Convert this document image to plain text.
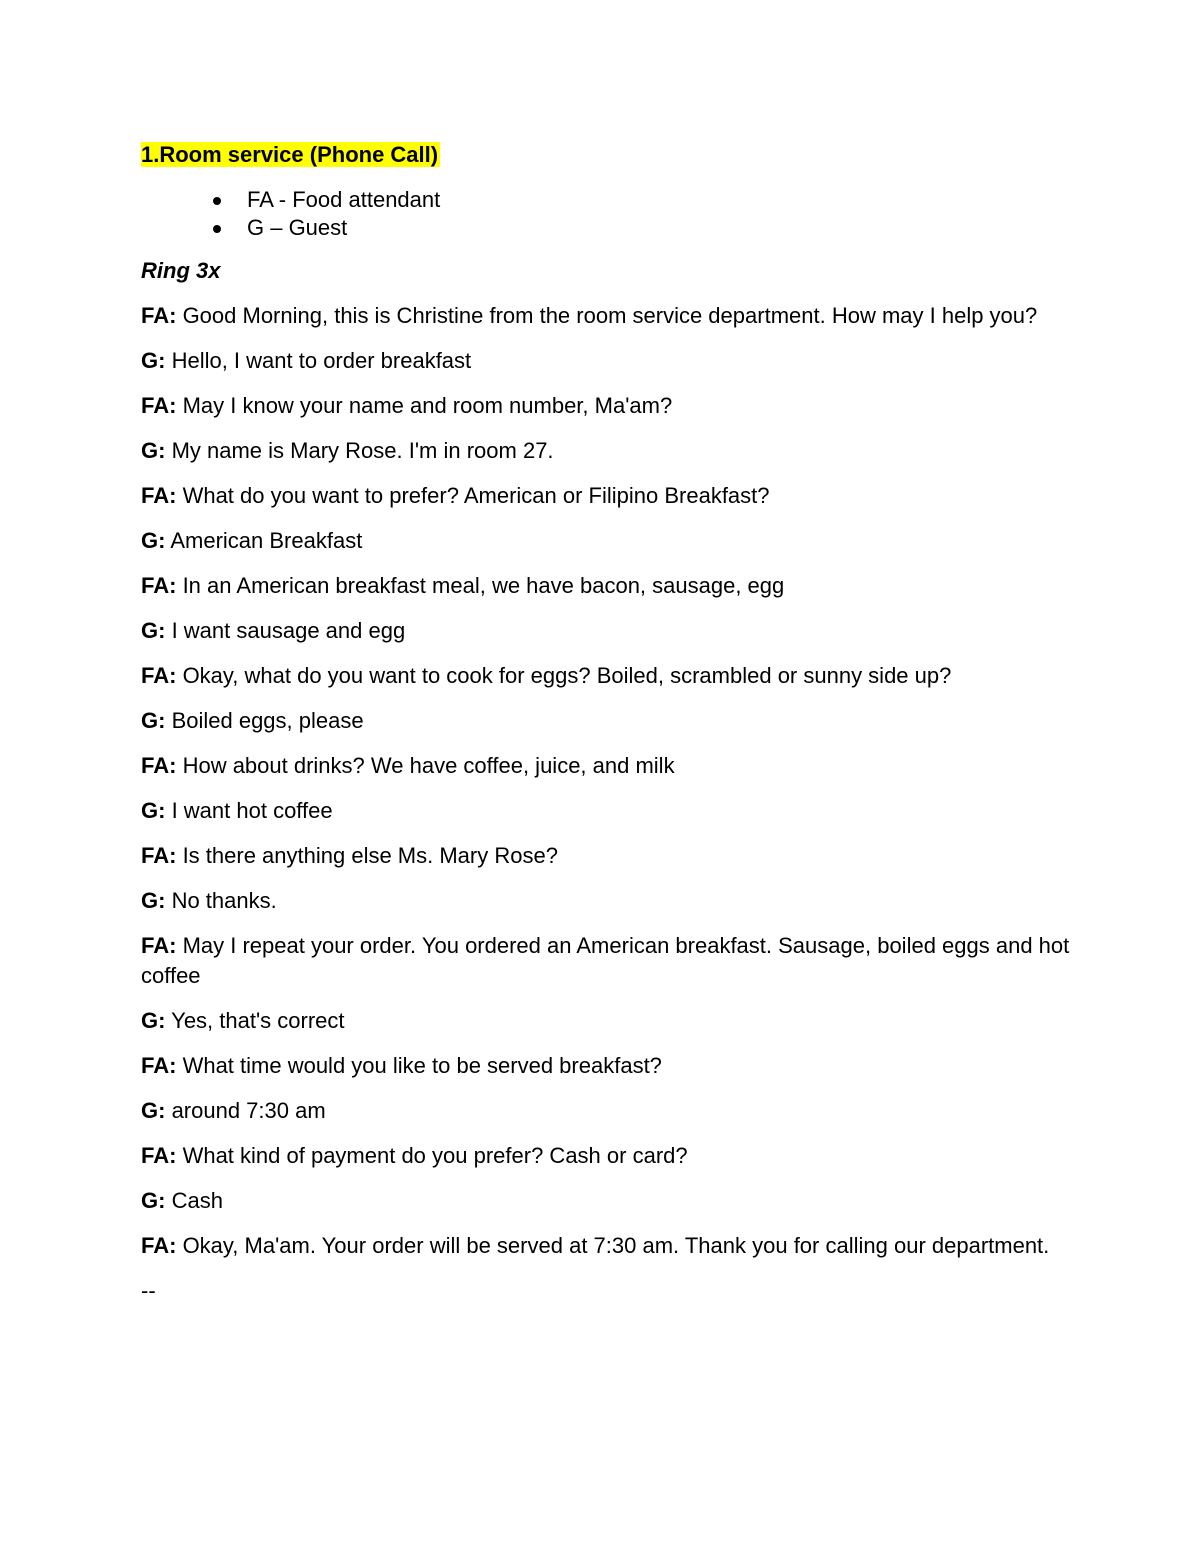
1.Room service (Phone Call)

FA - Food attendant
G – Guest

Ring 3x

FA: Good Morning, this is Christine from the room service department. How may I help you?

G: Hello, I want to order breakfast

FA: May I know your name and room number, Ma'am?

G: My name is Mary Rose. I'm in room 27.

FA: What do you want to prefer? American or Filipino Breakfast?

G: American Breakfast

FA: In an American breakfast meal, we have bacon, sausage, egg

G: I want sausage and egg

FA: Okay, what do you want to cook for eggs? Boiled, scrambled or sunny side up?

G: Boiled eggs, please

FA: How about drinks? We have coffee, juice, and milk

G: I want hot coffee

FA: Is there anything else Ms. Mary Rose?

G: No thanks.

FA: May I repeat your order. You ordered an American breakfast. Sausage, boiled eggs and hot coffee

G: Yes, that's correct

FA: What time would you like to be served breakfast?

G: around 7:30 am

FA: What kind of payment do you prefer? Cash or card?

G: Cash

FA: Okay, Ma'am. Your order will be served at 7:30 am. Thank you for calling our department.

--
